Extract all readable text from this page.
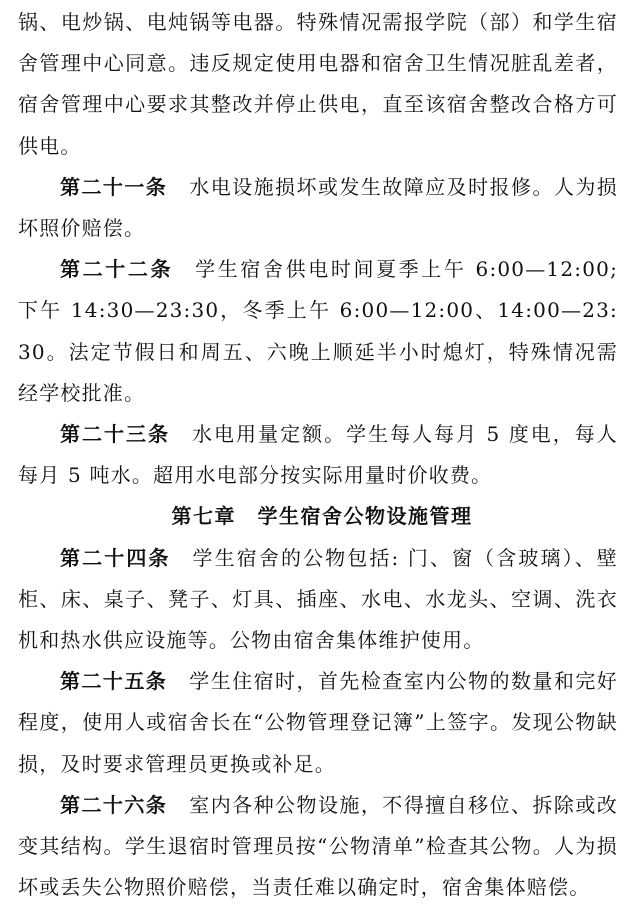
锅、电炒锅、电炖锅等电器。特殊情况需报学院（部）和学生宿舍管理中心同意。违反规定使用电器和宿舍卫生情况脏乱差者，宿舍管理中心要求其整改并停止供电，直至该宿舍整改合格方可供电。

第二十一条 水电设施损坏或发生故障应及时报修。人为损坏照价赔偿。

第二十二条 学生宿舍供电时间夏季上午 6:00—12:00; 下午 14:30—23:30，冬季上午 6:00—12:00、14:00—23:30。法定节假日和周五、六晚上顺延半小时熄灯，特殊情况需经学校批准。

第二十三条 水电用量定额。学生每人每月 5 度电，每人每月 5 吨水。超用水电部分按实际用量时价收费。

第七章　学生宿舍公物设施管理

第二十四条 学生宿舍的公物包括: 门、窗（含玻璃）、壁柜、床、桌子、凳子、灯具、插座、水电、水龙头、空调、洗衣机和热水供应设施等。公物由宿舍集体维护使用。

第二十五条 学生住宿时，首先检查室内公物的数量和完好程度，使用人或宿舍长在“公物管理登记簿”上签字。发现公物缺损，及时要求管理员更换或补足。

第二十六条 室内各种公物设施，不得擅自移位、拆除或改变其结构。学生退宿时管理员按“公物清单”检查其公物。人为损坏或丢失公物照价赔偿，当责任难以确定时，宿舍集体赔偿。
